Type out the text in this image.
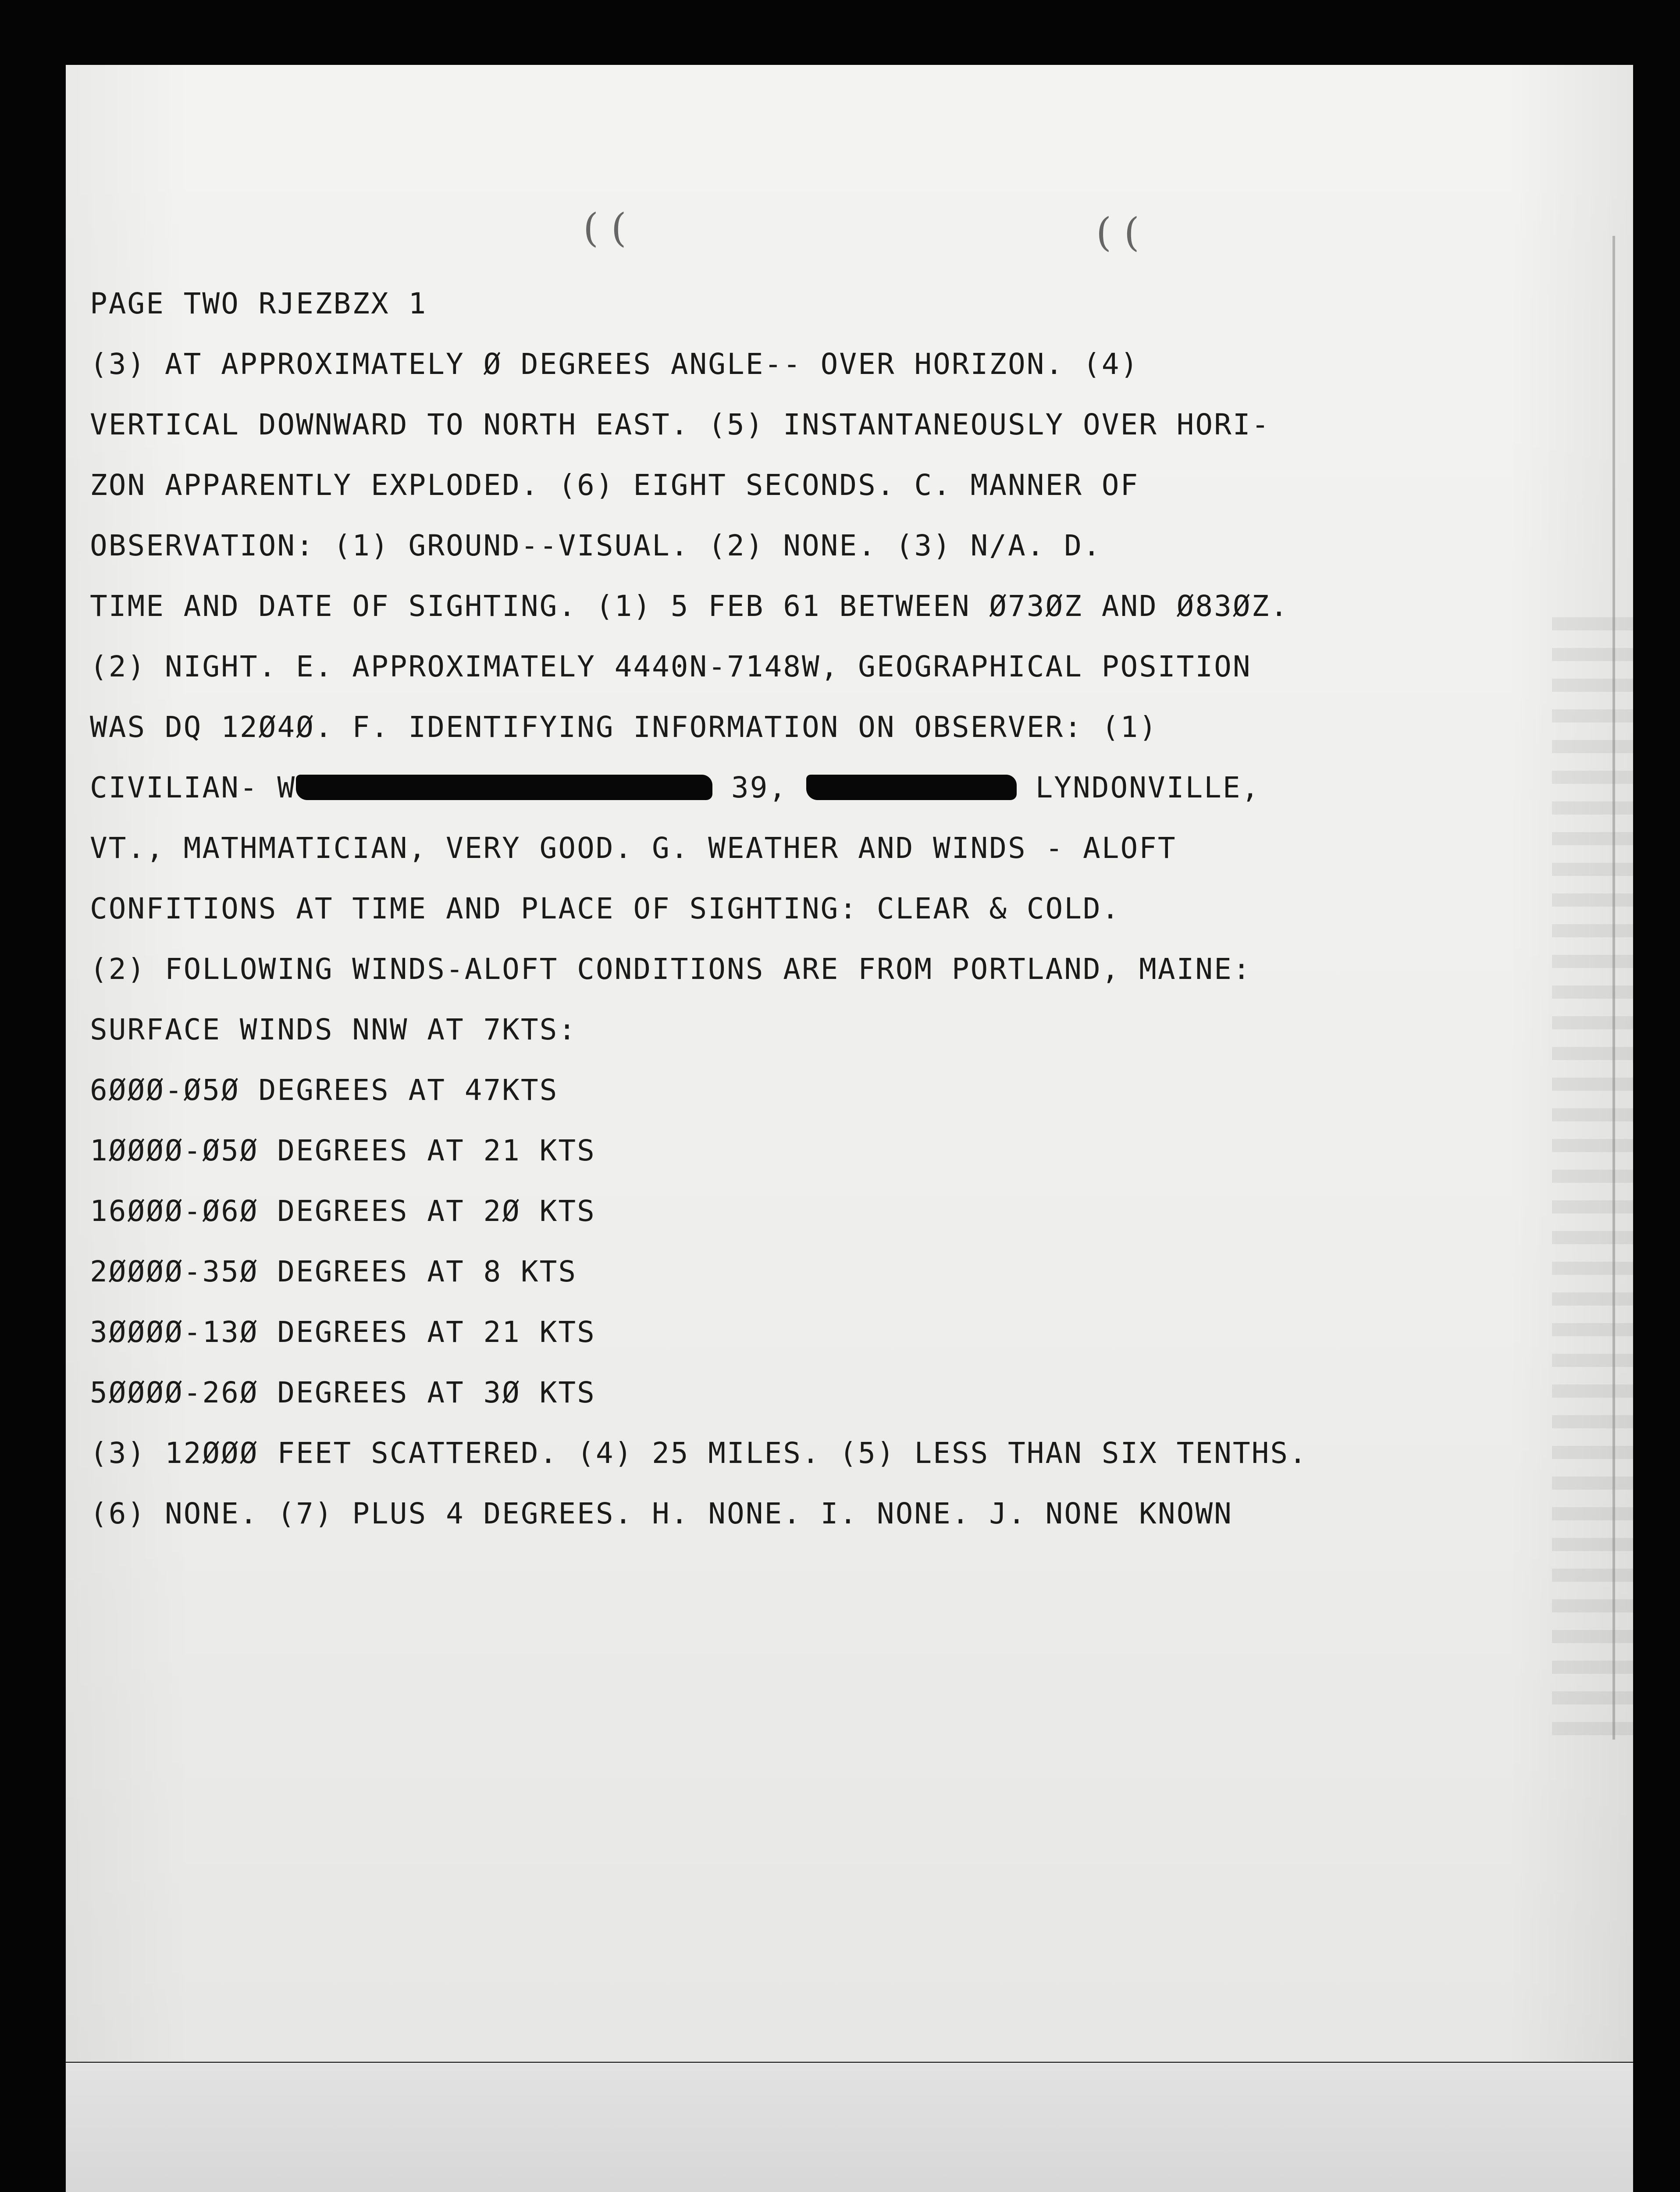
( (	( (

PAGE TWO RJEZBZX 1

(3) AT APPROXIMATELY Ø DEGREES ANGLE-- OVER HORIZON. (4)

VERTICAL DOWNWARD TO NORTH EAST. (5) INSTANTANEOUSLY OVER HORI-

ZON APPARENTLY EXPLODED. (6) EIGHT SECONDS. C. MANNER OF

OBSERVATION: (1) GROUND--VISUAL. (2) NONE. (3) N/A. D.

TIME AND DATE OF SIGHTING. (1) 5 FEB 61 BETWEEN Ø73ØZ AND Ø83ØZ.

(2) NIGHT. E. APPROXIMATELY 4440N-7148W, GEOGRAPHICAL POSITION

WAS DQ 12Ø4Ø. F. IDENTIFYING INFORMATION ON OBSERVER: (1)

CIVILIAN- W	39,	LYNDONVILLE,

VT., MATHMATICIAN, VERY GOOD. G. WEATHER AND WINDS - ALOFT

CONFITIONS AT TIME AND PLACE OF SIGHTING: CLEAR & COLD.

(2) FOLLOWING WINDS-ALOFT CONDITIONS ARE FROM PORTLAND, MAINE:

SURFACE WINDS NNW AT 7KTS:

6ØØØ-Ø5Ø DEGREES AT 47KTS

1ØØØØ-Ø5Ø DEGREES AT 21 KTS

16ØØØ-Ø6Ø DEGREES AT 2Ø KTS

2ØØØØ-35Ø DEGREES AT 8 KTS

3ØØØØ-13Ø DEGREES AT 21 KTS

5ØØØØ-26Ø DEGREES AT 3Ø KTS

(3) 12ØØØ FEET SCATTERED. (4) 25 MILES. (5) LESS THAN SIX TENTHS.

(6) NONE. (7) PLUS 4 DEGREES. H. NONE. I. NONE. J. NONE KNOWN
